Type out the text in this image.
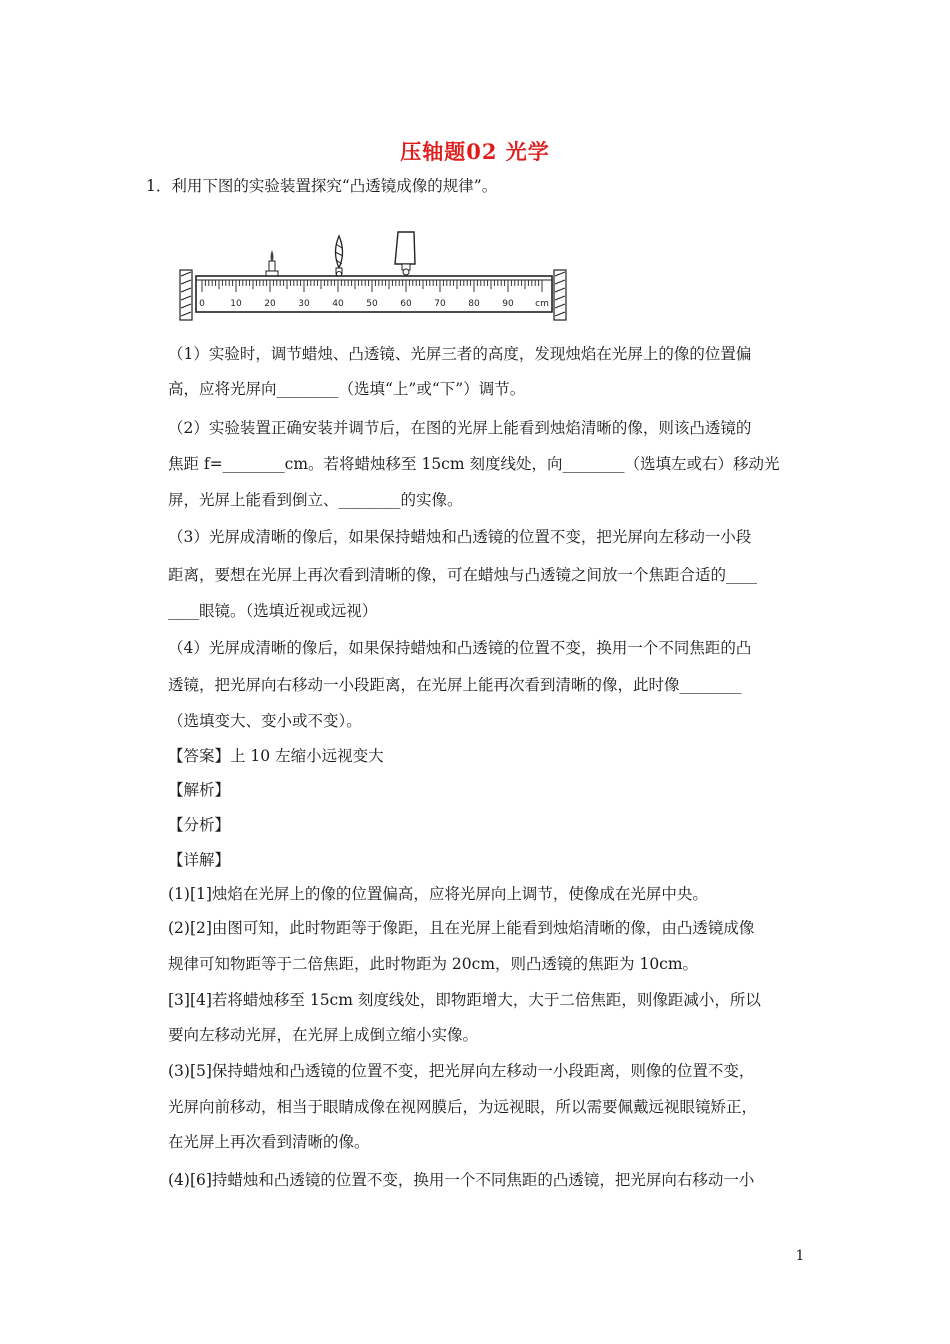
压轴题02 光学
1．利用下图的实验装置探究“凸透镜成像的规律”。
0	10	20	30	40	50	60	70	80	90 cm
（1）实验时，调节蜡烛、凸透镜、光屏三者的高度，发现烛焰在光屏上的像的位置偏
高，应将光屏向________（选填“上”或“下”）调节。
（2）实验装置正确安装并调节后，在图的光屏上能看到烛焰清晰的像，则该凸透镜的
焦距 f=________cm。若将蜡烛移至 15cm 刻度线处，向________（选填左或右）移动光
屏，光屏上能看到倒立、________的实像。
（3）光屏成清晰的像后，如果保持蜡烛和凸透镜的位置不变，把光屏向左移动一小段
距离，要想在光屏上再次看到清晰的像，可在蜡烛与凸透镜之间放一个焦距合适的____
____眼镜。（选填近视或远视）
（4）光屏成清晰的像后，如果保持蜡烛和凸透镜的位置不变，换用一个不同焦距的凸
透镜，把光屏向右移动一小段距离，在光屏上能再次看到清晰的像，此时像________
（选填变大、变小或不变）。
【答案】上 10 左缩小远视变大
【解析】
【分析】
【详解】
(1)[1]烛焰在光屏上的像的位置偏高，应将光屏向上调节，使像成在光屏中央。
(2)[2]由图可知，此时物距等于像距，且在光屏上能看到烛焰清晰的像，由凸透镜成像
规律可知物距等于二倍焦距，此时物距为 20cm，则凸透镜的焦距为 10cm。
[3][4]若将蜡烛移至 15cm 刻度线处，即物距增大，大于二倍焦距，则像距减小，所以
要向左移动光屏，在光屏上成倒立缩小实像。
(3)[5]保持蜡烛和凸透镜的位置不变，把光屏向左移动一小段距离，则像的位置不变，
光屏向前移动，相当于眼睛成像在视网膜后，为远视眼，所以需要佩戴远视眼镜矫正，
在光屏上再次看到清晰的像。
(4)[6]持蜡烛和凸透镜的位置不变，换用一个不同焦距的凸透镜，把光屏向右移动一小
1
